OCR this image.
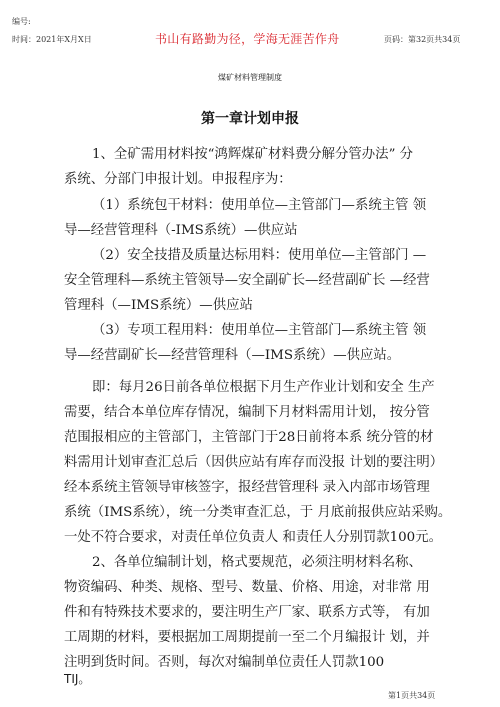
编号:
时间：2021年X月X日	书山有路勤为径，学海无涯苦作舟	页码：第32页共34页
煤矿材料管理制度
第一章计划申报
1、全矿需用材料按“鸿辉煤矿材料费分解分管办法” 分
系统、分部门申报计划。申报程序为：
（1）系统包干材料：使用单位—主管部门—系统主管 领
导—经营管理科（-IMS系统）—供应站
（2）安全技措及质量达标用料：使用单位—主管部门 —
安全管理科—系统主管领导—安全副矿长—经营副矿长 —经营
管理科（—IMS系统）—供应站
（3）专项工程用料：使用单位—主管部门—系统主管 领
导—经营副矿长—经营管理科（—IMS系统）—供应站。
即：每月26日前各单位根据下月生产作业计划和安全 生产
需要，结合本单位库存情况，编制下月材料需用计划， 按分管
范围报相应的主管部门，主管部门于28日前将本系 统分管的材
料需用计划审查汇总后（因供应站有库存而没报 计划的要注明）
经本系统主管领导审核签字，报经营管理科 录入内部市场管理
系统（IMS系统），统一分类审查汇总，于 月底前报供应站采购。
一处不符合要求，对责任单位负责人 和责任人分别罚款100元。
2、各单位编制计划，格式要规范，必须注明材料名称、
物资编码、种类、规格、型号、数量、价格、用途，对非常 用
件和有特殊技术要求的，要注明生产厂家、联系方式等， 有加
工周期的材料，要根据加工周期提前一至二个月编报计 划，并
注明到货时间。否则，每次对编制单位责任人罚款100
TIJ。
第1页共34页
